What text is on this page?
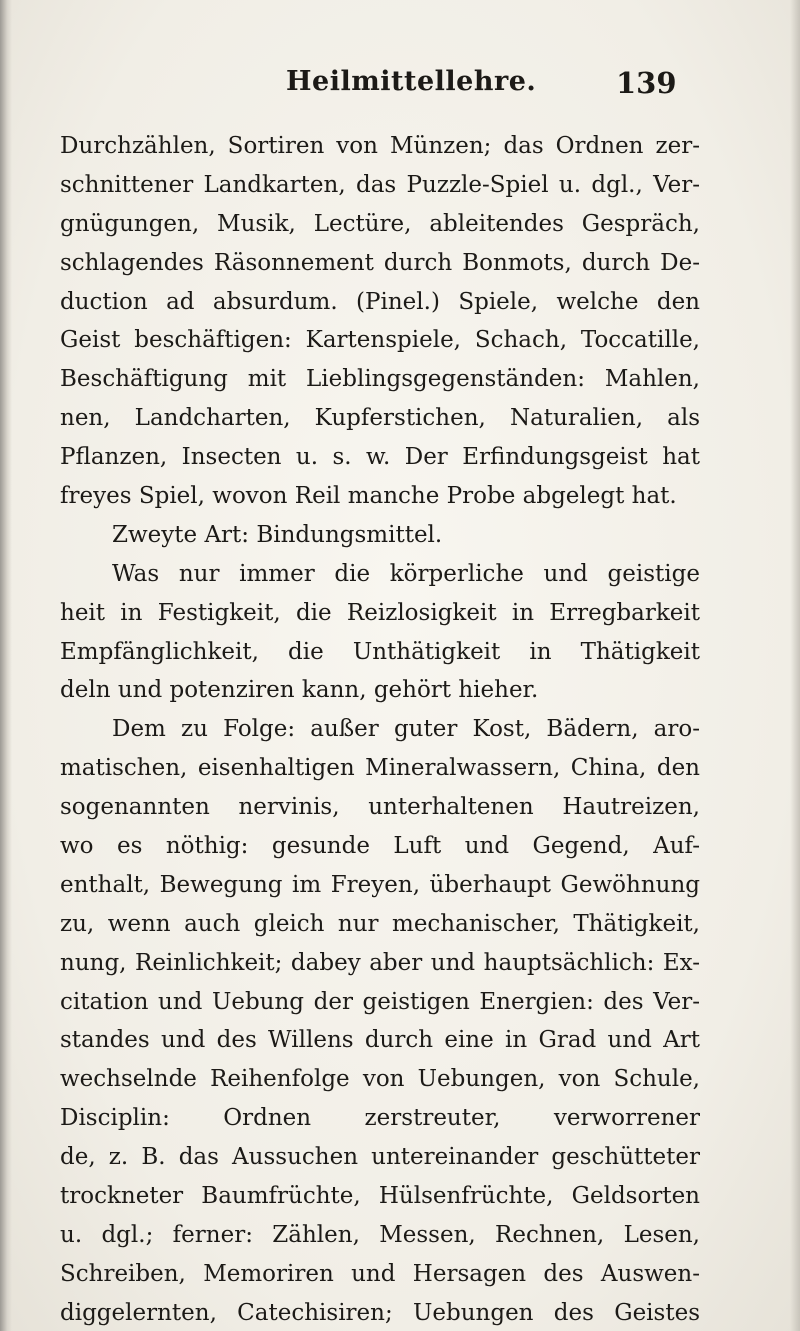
Heilmittellehre.	139
Durchzählen, Sortiren von Münzen; das Ordnen zer-
schnittener Landkarten, das Puzzle-Spiel u. dgl., Ver-
gnügungen, Musik, Lectüre, ableitendes Gespräch,
schlagendes Räsonnement durch Bonmots, durch De-
duction ad absurdum. (Pinel.) Spiele, welche den
Geist beschäftigen: Kartenspiele, Schach, Toccatille,
Beschäftigung mit Lieblingsgegenständen: Mahlen,
nen, Landcharten, Kupferstichen, Naturalien, als
Pflanzen, Insecten u. s. w. Der Erfindungsgeist hat
freyes Spiel, wovon Reil manche Probe abgelegt hat.
Zweyte Art: Bindungsmittel.
Was nur immer die körperliche und geistige
heit in Festigkeit, die Reizlosigkeit in Erregbarkeit
Empfänglichkeit, die Unthätigkeit in Thätigkeit
deln und potenziren kann, gehört hieher.
Dem zu Folge: außer guter Kost, Bädern, aro-
matischen, eisenhaltigen Mineralwassern, China, den
sogenannten nervinis, unterhaltenen Hautreizen,
wo es nöthig: gesunde Luft und Gegend, Auf-
enthalt, Bewegung im Freyen, überhaupt Gewöhnung
zu, wenn auch gleich nur mechanischer, Thätigkeit,
nung, Reinlichkeit; dabey aber und hauptsächlich: Ex-
citation und Uebung der geistigen Energien: des Ver-
standes und des Willens durch eine in Grad und Art
wechselnde Reihenfolge von Uebungen, von Schule,
Disciplin: Ordnen zerstreuter, verworrener
de, z. B. das Aussuchen untereinander geschütteter
trockneter Baumfrüchte, Hülsenfrüchte, Geldsorten
u. dgl.; ferner: Zählen, Messen, Rechnen, Lesen,
Schreiben, Memoriren und Hersagen des Auswen-
diggelernten, Catechisiren; Uebungen des Geistes
